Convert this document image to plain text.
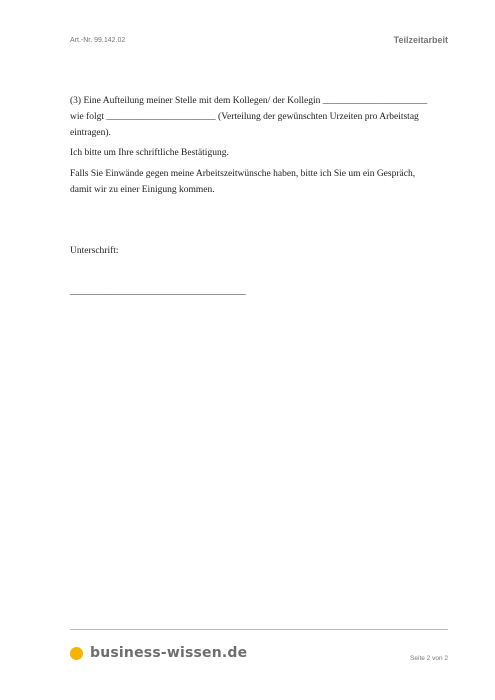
Art.-Nr. 99.142.02	Teilzeitarbeit
(3) Eine Aufteilung meiner Stelle mit dem Kollegen/ der Kollegin ______________________
wie folgt _______________________ (Verteilung der gewünschten Urzeiten pro Arbeitstag
eintragen).
Ich bitte um Ihre schriftliche Bestätigung.
Falls Sie Einwände gegen meine Arbeitszeitwünsche haben, bitte ich Sie um ein Gespräch,
damit wir zu einer Einigung kommen.
Unterschrift:
_____________________________________
business-wissen.de	Seite 2 von 2
